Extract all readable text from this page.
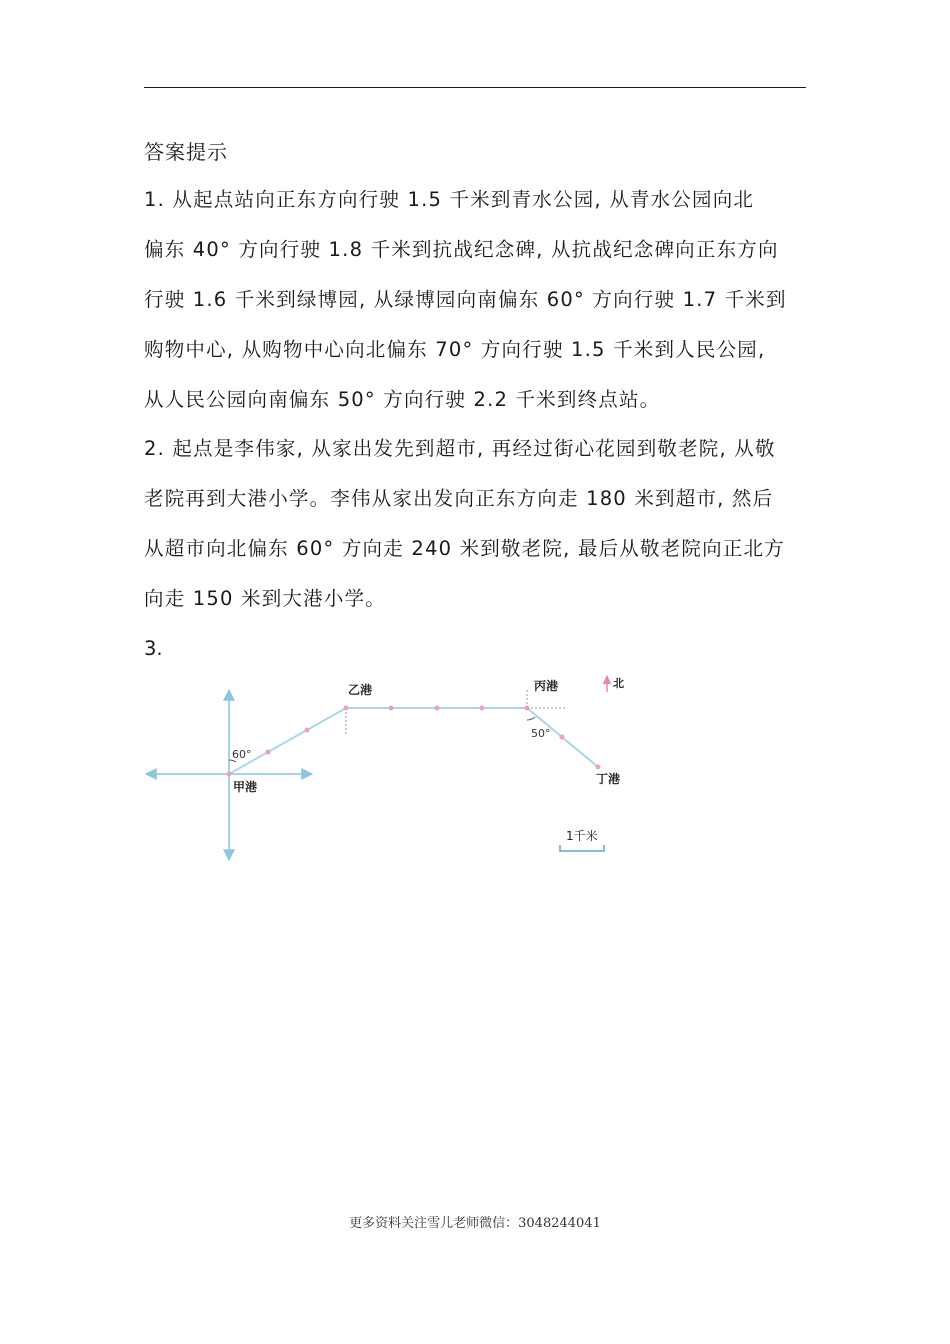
答案提示
1. 从起点站向正东方向行驶 1.5 千米到青水公园, 从青水公园向北
偏东 40° 方向行驶 1.8 千米到抗战纪念碑, 从抗战纪念碑向正东方向
行驶 1.6 千米到绿博园, 从绿博园向南偏东 60° 方向行驶 1.7 千米到
购物中心, 从购物中心向北偏东 70° 方向行驶 1.5 千米到人民公园,
从人民公园向南偏东 50° 方向行驶 2.2 千米到终点站。
2. 起点是李伟家, 从家出发先到超市, 再经过街心花园到敬老院, 从敬
老院再到大港小学。李伟从家出发向正东方向走 180 米到超市, 然后
从超市向北偏东 60° 方向走 240 米到敬老院, 最后从敬老院向正北方
向走 150 米到大港小学。
3.
60°
50°
甲港
乙港	丙港
丁港
北
1千米
更多资料关注雪儿老师微信：3048244041
